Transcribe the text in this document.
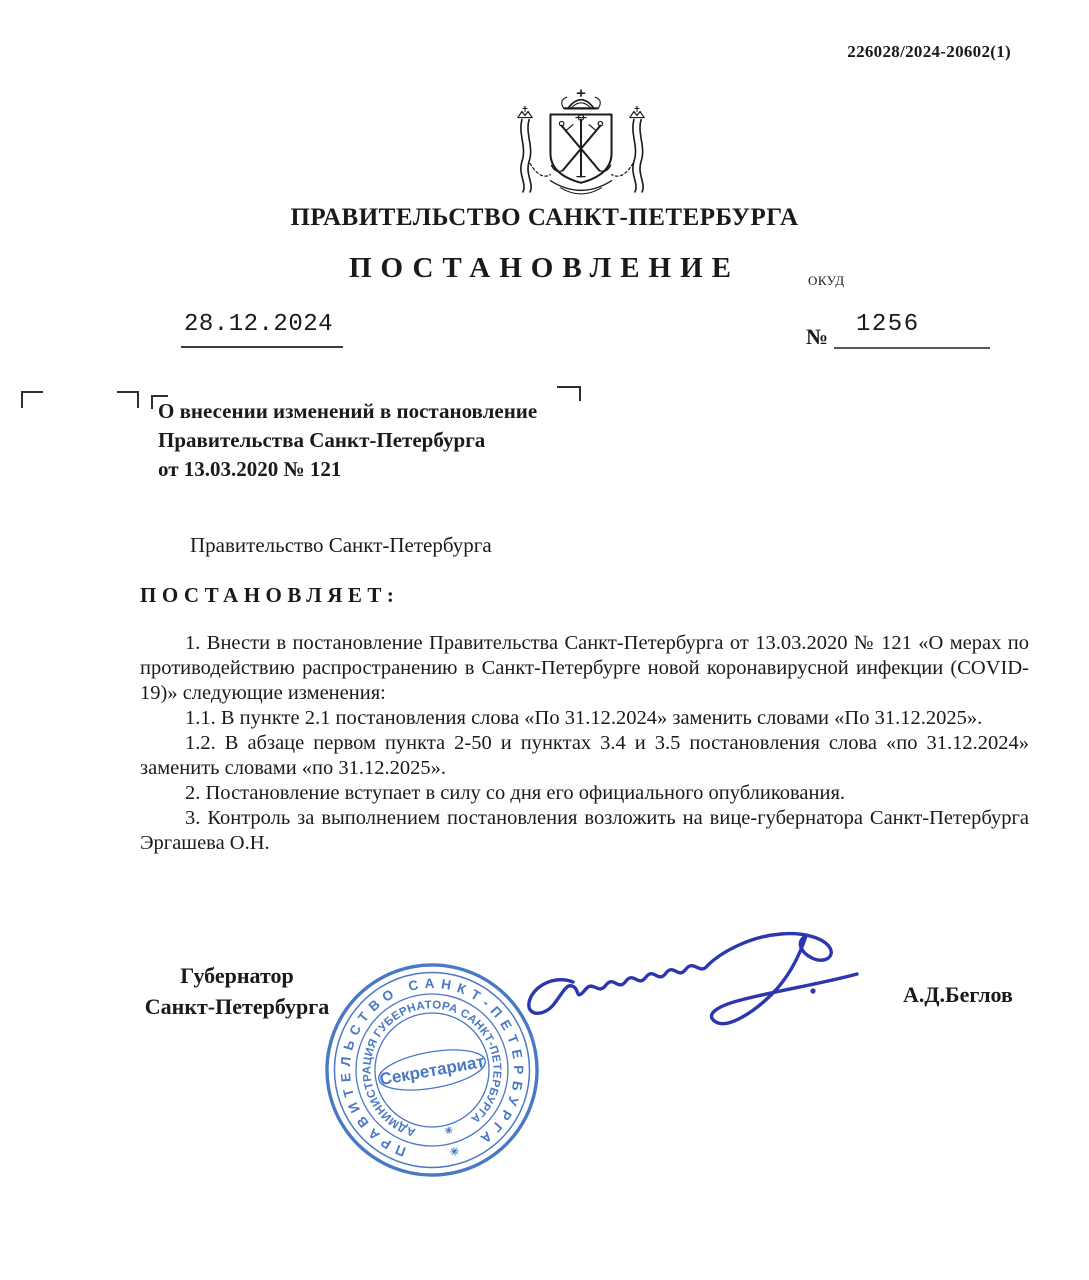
226028/2024-20602(1)
ПРАВИТЕЛЬСТВО САНКТ-ПЕТЕРБУРГА
ПОСТАНОВЛЕНИЕ	ОКУД
28.12.2024	№ 1256
О внесении изменений в постановление
Правительства Санкт-Петербурга
от 13.03.2020 № 121
Правительство Санкт-Петербурга
ПОСТАНОВЛЯЕТ:

1. Внести в постановление Правительства Санкт-Петербурга от 13.03.2020 № 121 «О мерах по противодействию распространению в Санкт-Петербурге новой коронавирусной инфекции (COVID-19)» следующие изменения:

1.1. В пункте 2.1 постановления слова «По 31.12.2024» заменить словами «По 31.12.2025».

1.2. В абзаце первом пункта 2-50 и пунктах 3.4 и 3.5 постановления слова «по 31.12.2024» заменить словами «по 31.12.2025».

2. Постановление вступает в силу со дня его официального опубликования.

3. Контроль за выполнением постановления возложить на вице-губернатора Санкт-Петербурга Эргашева О.Н.

Губернатор
Санкт-Петербурга	А.Д.Беглов
ПРАВИТЕЛЬСТВО САНКТ-ПЕТЕРБУРГА
АДМИНИСТРАЦИЯ ГУБЕРНАТОРА САНКТ-ПЕТЕРБУРГА
Секретариат
✳
✳
